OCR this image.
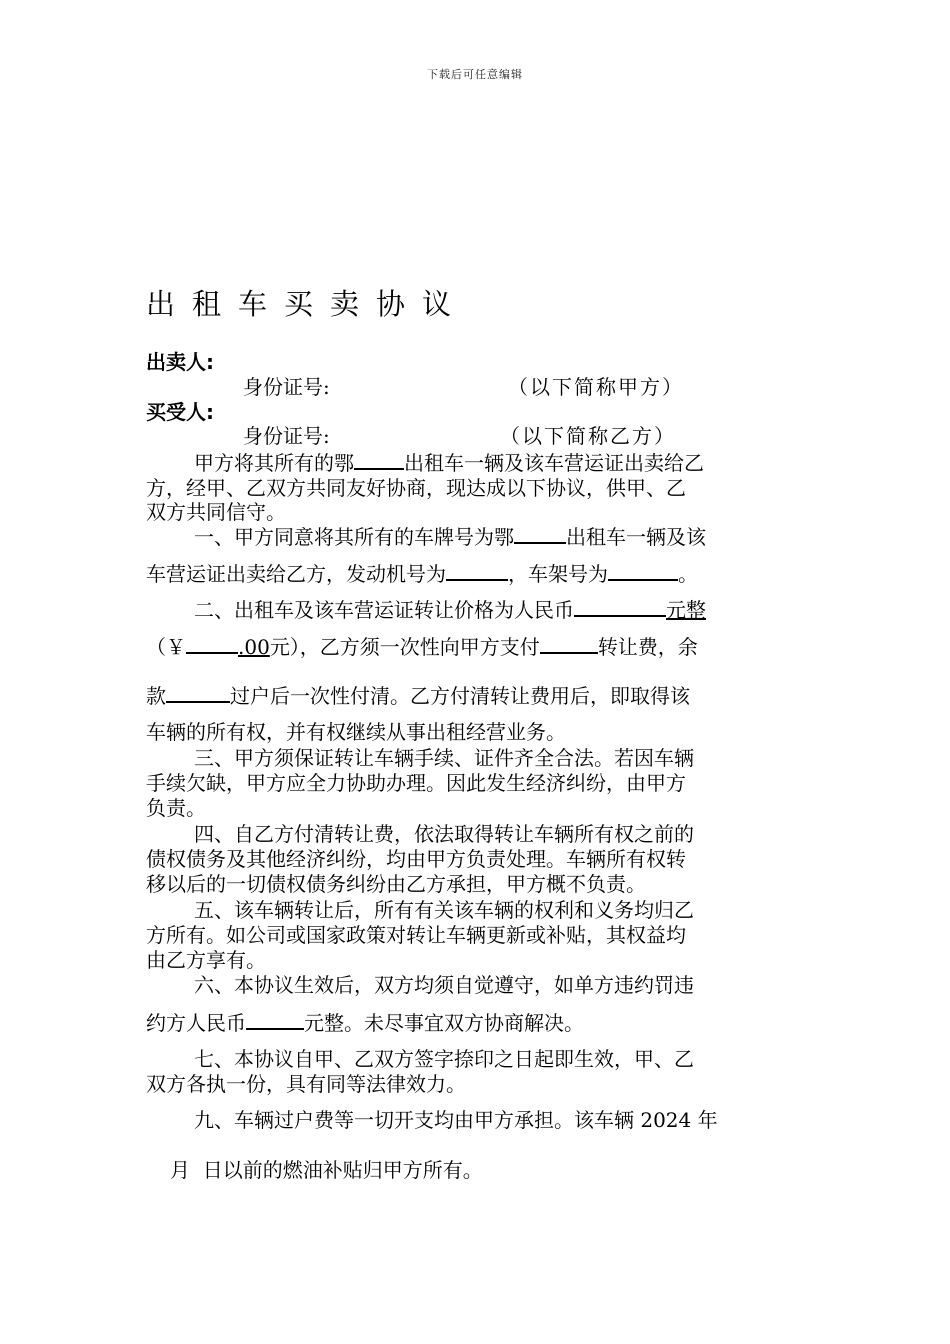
下载后可任意编辑
出租车买卖协议
出卖人:
身份证号:	（以下简称甲方）
买受人:
身份证号:	（以下简称乙方）
甲方将其所有的鄂	出租车一辆及该车营运证出卖给乙
方，经甲、乙双方共同友好协商，现达成以下协议，供甲、乙
双方共同信守。
一、甲方同意将其所有的车牌号为鄂	出租车一辆及该
车营运证出卖给乙方，发动机号为	，车架号为	。
二、出租车及该车营运证转让价格为人民币	元整
（￥	.00元），乙方须一次性向甲方支付	转让费，余
款	过户后一次性付清。乙方付清转让费用后，即取得该
车辆的所有权，并有权继续从事出租经营业务。
三、甲方须保证转让车辆手续、证件齐全合法。若因车辆
手续欠缺，甲方应全力协助办理。因此发生经济纠纷，由甲方
负责。
四、自乙方付清转让费，依法取得转让车辆所有权之前的
债权债务及其他经济纠纷，均由甲方负责处理。车辆所有权转
移以后的一切债权债务纠纷由乙方承担，甲方概不负责。
五、该车辆转让后，所有有关该车辆的权利和义务均归乙
方所有。如公司或国家政策对转让车辆更新或补贴，其权益均
由乙方享有。
六、本协议生效后，双方均须自觉遵守，如单方违约罚违
约方人民币	元整。未尽事宜双方协商解决。
七、本协议自甲、乙双方签字捺印之日起即生效，甲、乙
双方各执一份，具有同等法律效力。
九、车辆过户费等一切开支均由甲方承担。该车辆 2024 年
月  日以前的燃油补贴归甲方所有。
